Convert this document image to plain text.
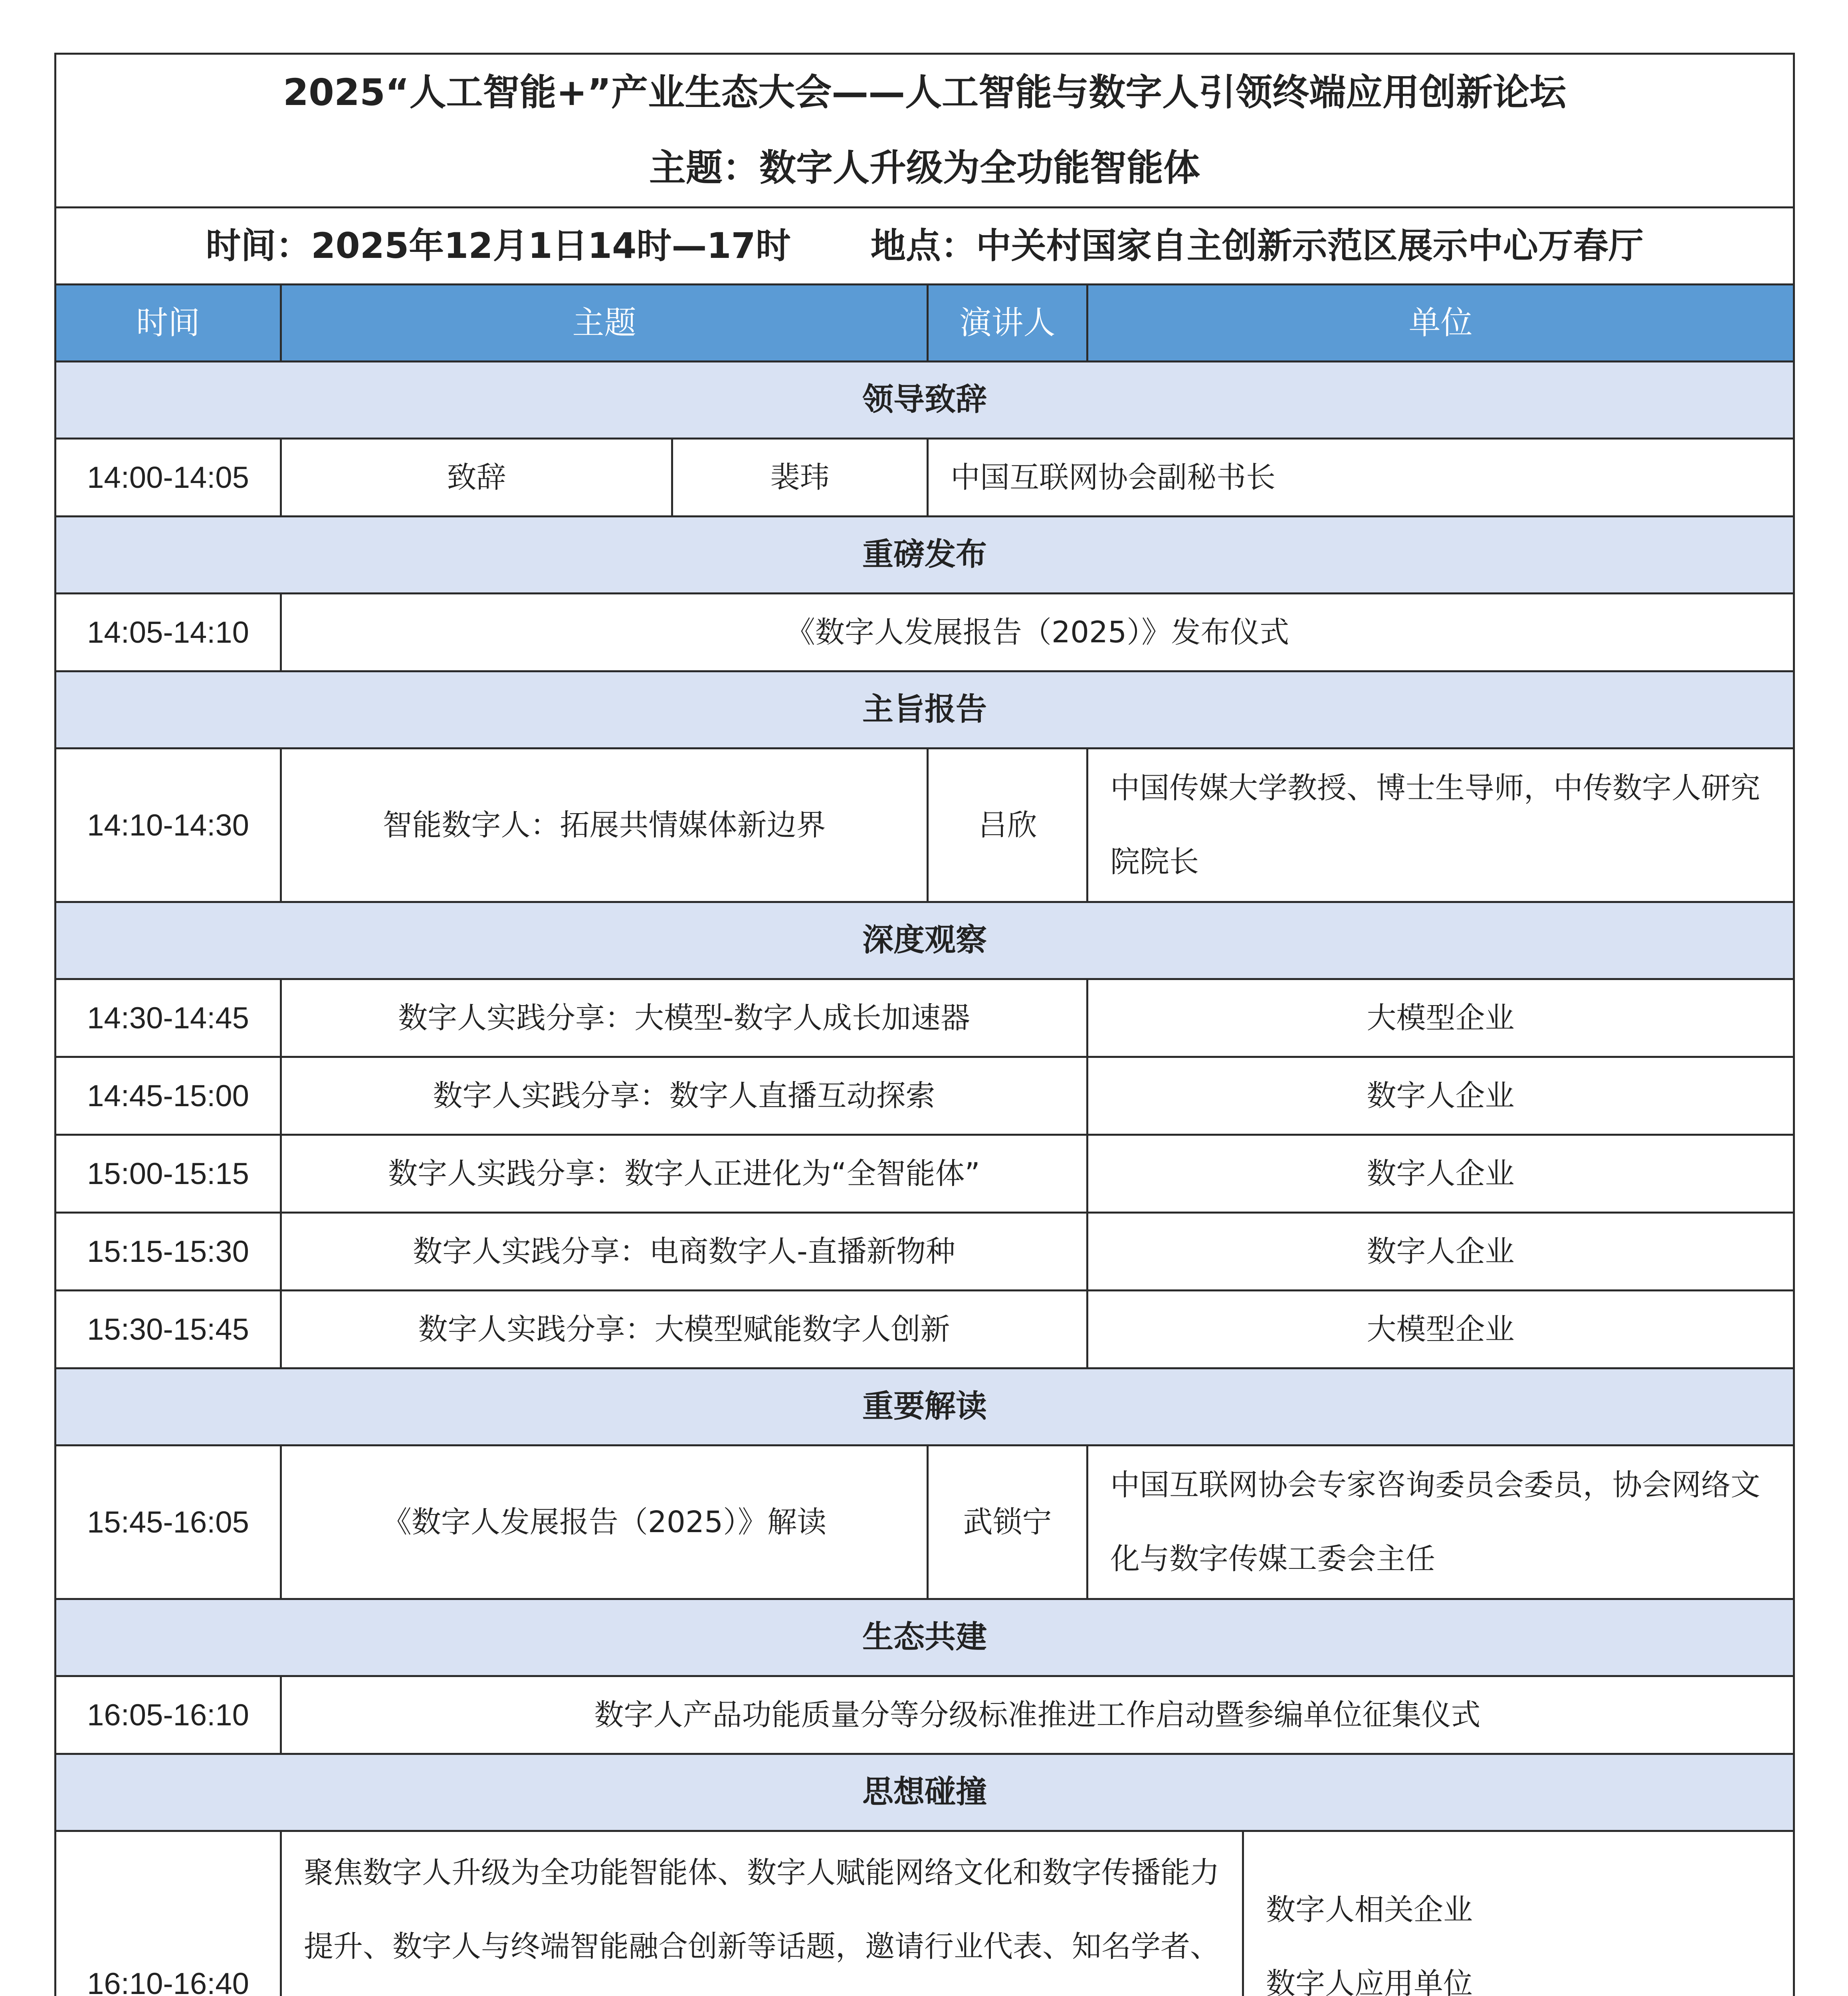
2025“人工智能+”产业生态大会——人工智能与数字人引领终端应用创新论坛
主题：数字人升级为全功能智能体					

时间：2025年12月1日14时—17时 地点：中关村国家自主创新示范区展示中心万春厅					
时间	主题		演讲人	单位	
领导致辞					
14:00-14:05	致辞	裴玮	中国互联网协会副秘书长		
重磅发布					
14:05-14:10	《数字人发展报告（2025）》发布仪式				
主旨报告					
14:10-14:30	智能数字人：拓展共情媒体新边界		吕欣	中国传媒大学教授、博士生导师，中传数字人研究院院长	
深度观察					
14:30-14:45	数字人实践分享：大模型-数字人成长加速器			大模型企业	
14:45-15:00	数字人实践分享：数字人直播互动探索			数字人企业	
15:00-15:15	数字人实践分享：数字人正进化为“全智能体”			数字人企业	
15:15-15:30	数字人实践分享：电商数字人-直播新物种			数字人企业	
15:30-15:45	数字人实践分享：大模型赋能数字人创新			大模型企业	
重要解读					
15:45-16:05	《数字人发展报告（2025）》解读		武锁宁	中国互联网协会专家咨询委员会委员，协会网络文化与数字传媒工委会主任	
生态共建					
16:05-16:10	数字人产品功能质量分等分级标准推进工作启动暨参编单位征集仪式				
思想碰撞					
16:10-16:40	聚焦数字人升级为全功能智能体、数字人赋能网络文化和数字传播能力提升、数字人与终端智能融合创新等话题，邀请行业代表、知名学者、				数字人相关企业
数字人应用单位
